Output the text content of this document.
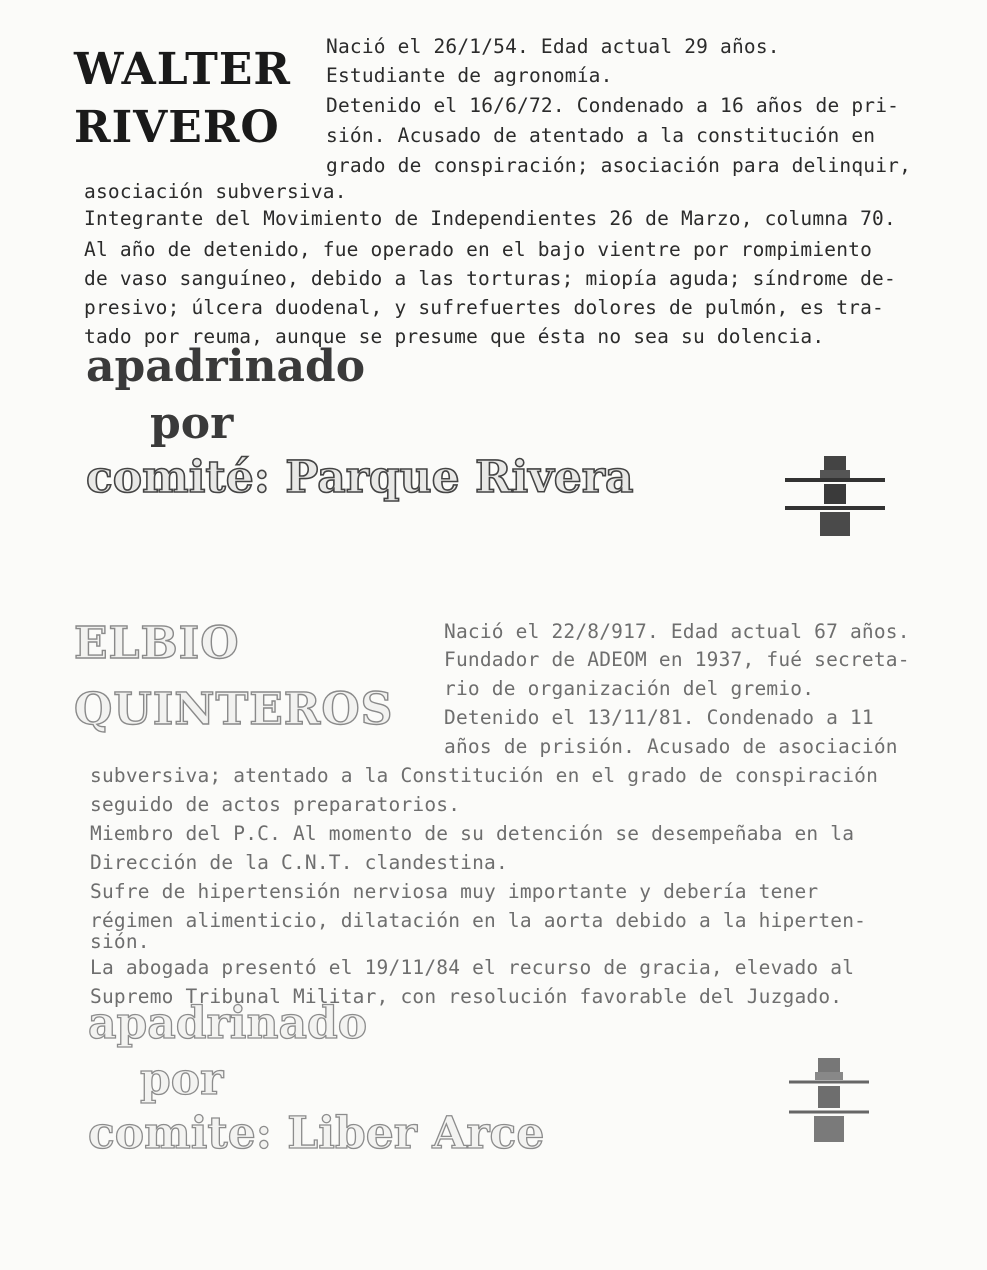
WALTER
RIVERO
Nació el 26/1/54. Edad actual 29 años.
Estudiante de agronomía.
Detenido el 16/6/72. Condenado a 16 años de pri-
sión. Acusado de atentado a la constitución en
grado de conspiración; asociación para delinquir,
asociación subversiva.
Integrante del Movimiento de Independientes 26 de Marzo, columna 70.
Al año de detenido, fue operado en el bajo vientre por rompimiento
de vaso sanguíneo, debido a las torturas; miopía aguda; síndrome de-
presivo; úlcera duodenal, y sufrefuertes dolores de pulmón, es tra-
tado por reuma, aunque se presume que ésta no sea su dolencia.
apadrinado
por
comité: Parque Rivera
ELBIO
QUINTEROS
Nació el 22/8/917. Edad actual 67 años.
Fundador de ADEOM en 1937, fué secreta-
rio de organización del gremio.
Detenido el 13/11/81. Condenado a 11
años de prisión. Acusado de asociación
subversiva; atentado a la Constitución en el grado de conspiración
seguido de actos preparatorios.
Miembro del P.C. Al momento de su detención se desempeñaba en la
Dirección de la C.N.T. clandestina.
Sufre de hipertensión nerviosa muy importante y debería tener
régimen alimenticio, dilatación en la aorta debido a la hiperten-
sión.
La abogada presentó el 19/11/84 el recurso de gracia, elevado al
Supremo Tribunal Militar, con resolución favorable del Juzgado.
apadrinado
por
comite: Liber Arce
